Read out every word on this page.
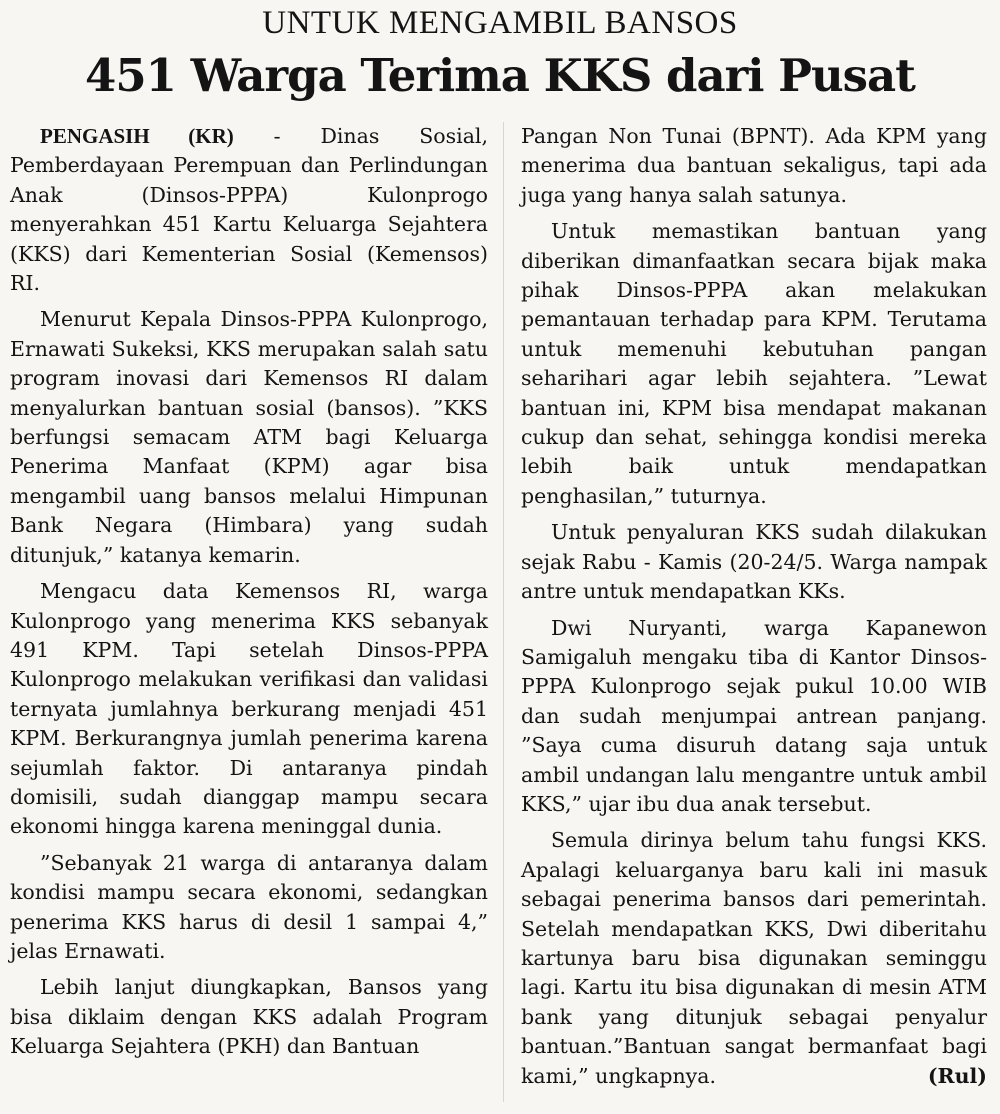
UNTUK MENGAMBIL BANSOS
451 Warga Terima KKS dari Pusat

PENGASIH (KR) - Dinas Sosial, Pemberdayaan Perempuan dan Perlindungan Anak (Dinsos-PPPA) Kulonprogo menyerahkan 451 Kartu Keluarga Sejahtera (KKS) dari Kementerian Sosial (Kemensos) RI.

Menurut Kepala Dinsos-PPPA Kulonprogo, Ernawati Sukeksi, KKS merupakan salah satu program inovasi dari Kemensos RI dalam menyalurkan bantuan sosial (bansos). ”KKS berfungsi semacam ATM bagi Keluarga Penerima Manfaat (KPM) agar bisa mengambil uang bansos melalui Himpunan Bank Negara (Himbara) yang sudah ditunjuk,” katanya kemarin.

Mengacu data Kemensos RI, warga Kulonprogo yang menerima KKS sebanyak 491 KPM. Tapi setelah Dinsos-PPPA Kulonprogo melakukan verifikasi dan validasi ternyata jumlahnya berkurang menjadi 451 KPM. Berkurangnya jumlah penerima karena sejumlah faktor. Di antaranya pindah domisili, sudah dianggap mampu secara ekonomi hingga karena meninggal dunia.

”Sebanyak 21 warga di antaranya dalam kondisi mampu secara ekonomi, sedangkan penerima KKS harus di desil 1 sampai 4,” jelas Ernawati.

Lebih lanjut diungkapkan, Bansos yang bisa diklaim dengan KKS adalah Program Keluarga Sejahtera (PKH) dan Bantuan

Pangan Non Tunai (BPNT). Ada KPM yang menerima dua bantuan sekaligus, tapi ada juga yang hanya salah satunya.

Untuk memastikan bantuan yang diberikan dimanfaatkan secara bijak maka pihak Dinsos-PPPA akan melakukan pemantauan terhadap para KPM. Terutama untuk memenuhi kebutuhan pangan seharihari agar lebih sejahtera. ”Lewat bantuan ini, KPM bisa mendapat makanan cukup dan sehat, sehingga kondisi mereka lebih baik untuk mendapatkan penghasilan,” tuturnya.

Untuk penyaluran KKS sudah dilakukan sejak Rabu - Kamis (20-24/5. Warga nampak antre untuk mendapatkan KKs.

Dwi Nuryanti, warga Kapanewon Samigaluh mengaku tiba di Kantor Dinsos-PPPA Kulonprogo sejak pukul 10.00 WIB dan sudah menjumpai antrean panjang. ”Saya cuma disuruh datang saja untuk ambil undangan lalu mengantre untuk ambil KKS,” ujar ibu dua anak tersebut.

Semula dirinya belum tahu fungsi KKS. Apalagi keluarganya baru kali ini masuk sebagai penerima bansos dari pemerintah. Setelah mendapatkan KKS, Dwi diberitahu kartunya baru bisa digunakan seminggu lagi. Kartu itu bisa digunakan di mesin ATM bank yang ditunjuk sebagai penyalur bantuan.”Bantuan sangat bermanfaat bagi kami,” ungkapnya.	(Rul)
